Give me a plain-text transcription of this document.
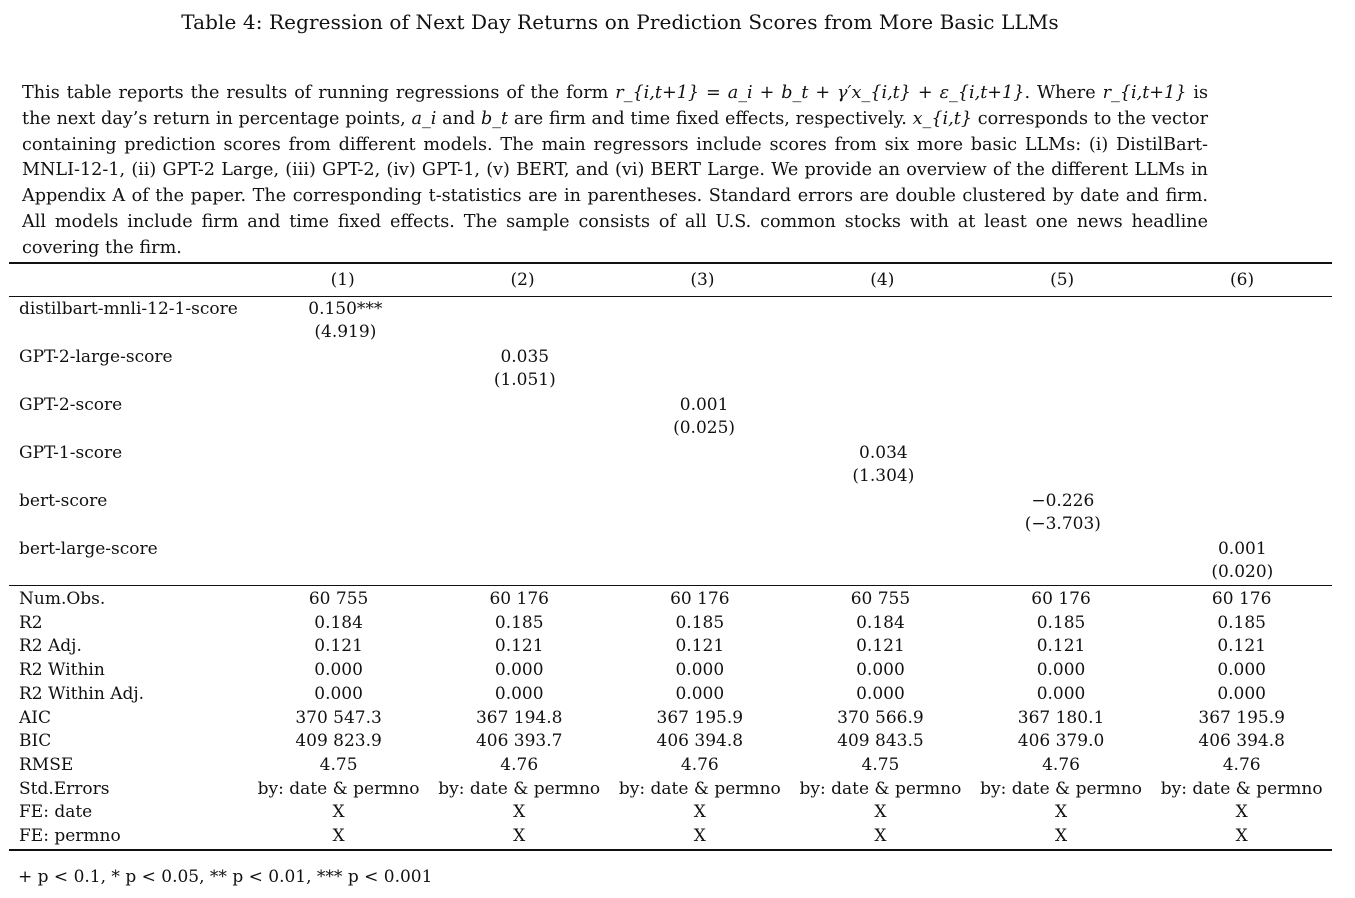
Table 4: Regression of Next Day Returns on Prediction Scores from More Basic LLMs
This table reports the results of running regressions of the form r_{i,t+1} = a_i + b_t + γ′x_{i,t} + ε_{i,t+1}. Where r_{i,t+1} is the next day’s return in percentage points, a_i and b_t are firm and time fixed effects, respectively. x_{i,t} corresponds to the vector containing prediction scores from different models. The main regressors include scores from six more basic LLMs: (i) DistilBart-MNLI-12-1, (ii) GPT-2 Large, (iii) GPT-2, (iv) GPT-1, (v) BERT, and (vi) BERT Large. We provide an overview of the different LLMs in Appendix A of the paper. The corresponding t-statistics are in parentheses. Standard errors are double clustered by date and firm. All models include firm and time fixed effects. The sample consists of all U.S. common stocks with at least one news headline covering the firm.
	(1)	(2)	(3)	(4)	(5)	(6)
distilbart-mnli-12-1-score	0.150***					
	(4.919)					
GPT-2-large-score		0.035				
		(1.051)				
GPT-2-score			0.001			
			(0.025)			
GPT-1-score				0.034		
				(1.304)		
bert-score					−0.226	
					(−3.703)	
bert-large-score						0.001
						(0.020)
Num.Obs.	60 755	60 176	60 176	60 755	60 176	60 176
R2	0.184	0.185	0.185	0.184	0.185	0.185
R2 Adj.	0.121	0.121	0.121	0.121	0.121	0.121
R2 Within	0.000	0.000	0.000	0.000	0.000	0.000
R2 Within Adj.	0.000	0.000	0.000	0.000	0.000	0.000
AIC	370 547.3	367 194.8	367 195.9	370 566.9	367 180.1	367 195.9
BIC	409 823.9	406 393.7	406 394.8	409 843.5	406 379.0	406 394.8
RMSE	4.75	4.76	4.76	4.75	4.76	4.76
Std.Errors	by: date & permno	by: date & permno	by: date & permno	by: date & permno	by: date & permno	by: date & permno
FE: date	X	X	X	X	X	X
FE: permno	X	X	X	X	X	X
+ p < 0.1, * p < 0.05, ** p < 0.01, *** p < 0.001
